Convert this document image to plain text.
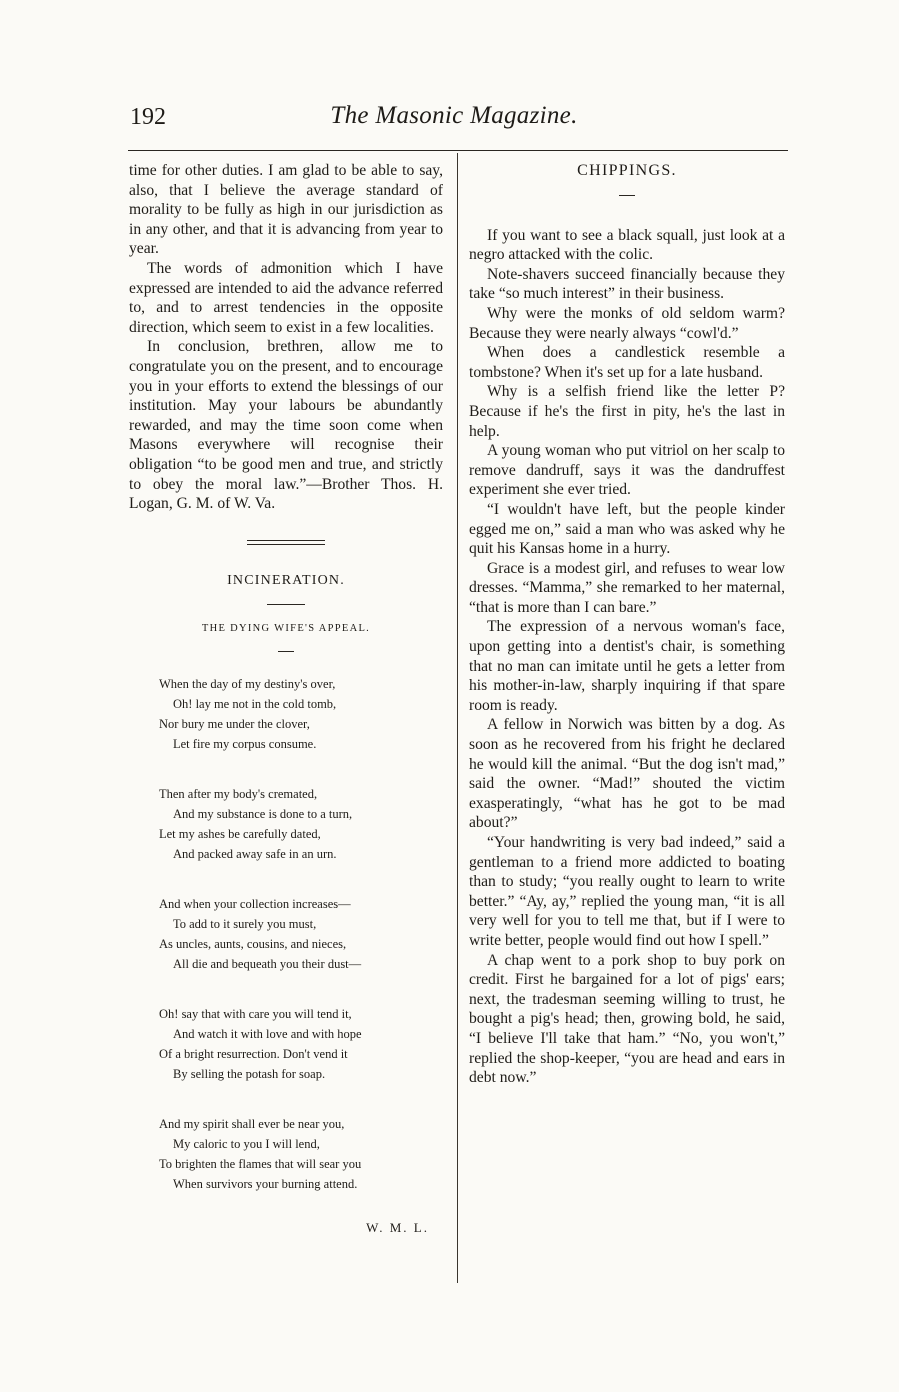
192	The Masonic Magazine.

time for other duties. I am glad to be able to say, also, that I believe the average standard of morality to be fully as high in our jurisdiction as in any other, and that it is advancing from year to year.

The words of admonition which I have expressed are intended to aid the advance referred to, and to arrest tendencies in the opposite direction, which seem to exist in a few localities.

In conclusion, brethren, allow me to congratulate you on the present, and to encourage you in your efforts to extend the blessings of our institution. May your labours be abundantly rewarded, and may the time soon come when Masons everywhere will recognise their obligation “to be good men and true, and strictly to obey the moral law.”—Brother Thos. H. Logan, G. M. of W. Va.

INCINERATION.
THE DYING WIFE'S APPEAL.
When the day of my destiny's over,
Oh! lay me not in the cold tomb,
Nor bury me under the clover,
Let fire my corpus consume.
Then after my body's cremated,
And my substance is done to a turn,
Let my ashes be carefully dated,
And packed away safe in an urn.
And when your collection increases—
To add to it surely you must,
As uncles, aunts, cousins, and nieces,
All die and bequeath you their dust—
Oh! say that with care you will tend it,
And watch it with love and with hope
Of a bright resurrection. Don't vend it
By selling the potash for soap.
And my spirit shall ever be near you,
My caloric to you I will lend,
To brighten the flames that will sear you
When survivors your burning attend.
W. M. L.
CHIPPINGS.

If you want to see a black squall, just look at a negro attacked with the colic.

Note-shavers succeed financially because they take “so much interest” in their business.

Why were the monks of old seldom warm? Because they were nearly always “cowl'd.”

When does a candlestick resemble a tombstone? When it's set up for a late husband.

Why is a selfish friend like the letter P? Because if he's the first in pity, he's the last in help.

A young woman who put vitriol on her scalp to remove dandruff, says it was the dandruffest experiment she ever tried.

“I wouldn't have left, but the people kinder egged me on,” said a man who was asked why he quit his Kansas home in a hurry.

Grace is a modest girl, and refuses to wear low dresses. “Mamma,” she remarked to her maternal, “that is more than I can bare.”

The expression of a nervous woman's face, upon getting into a dentist's chair, is something that no man can imitate until he gets a letter from his mother-in-law, sharply inquiring if that spare room is ready.

A fellow in Norwich was bitten by a dog. As soon as he recovered from his fright he declared he would kill the animal. “But the dog isn't mad,” said the owner. “Mad!” shouted the victim exasperatingly, “what has he got to be mad about?”

“Your handwriting is very bad indeed,” said a gentleman to a friend more addicted to boating than to study; “you really ought to learn to write better.” “Ay, ay,” replied the young man, “it is all very well for you to tell me that, but if I were to write better, people would find out how I spell.”

A chap went to a pork shop to buy pork on credit. First he bargained for a lot of pigs' ears; next, the tradesman seeming willing to trust, he bought a pig's head; then, growing bold, he said, “I believe I'll take that ham.” “No, you won't,” replied the shop-keeper, “you are head and ears in debt now.”
